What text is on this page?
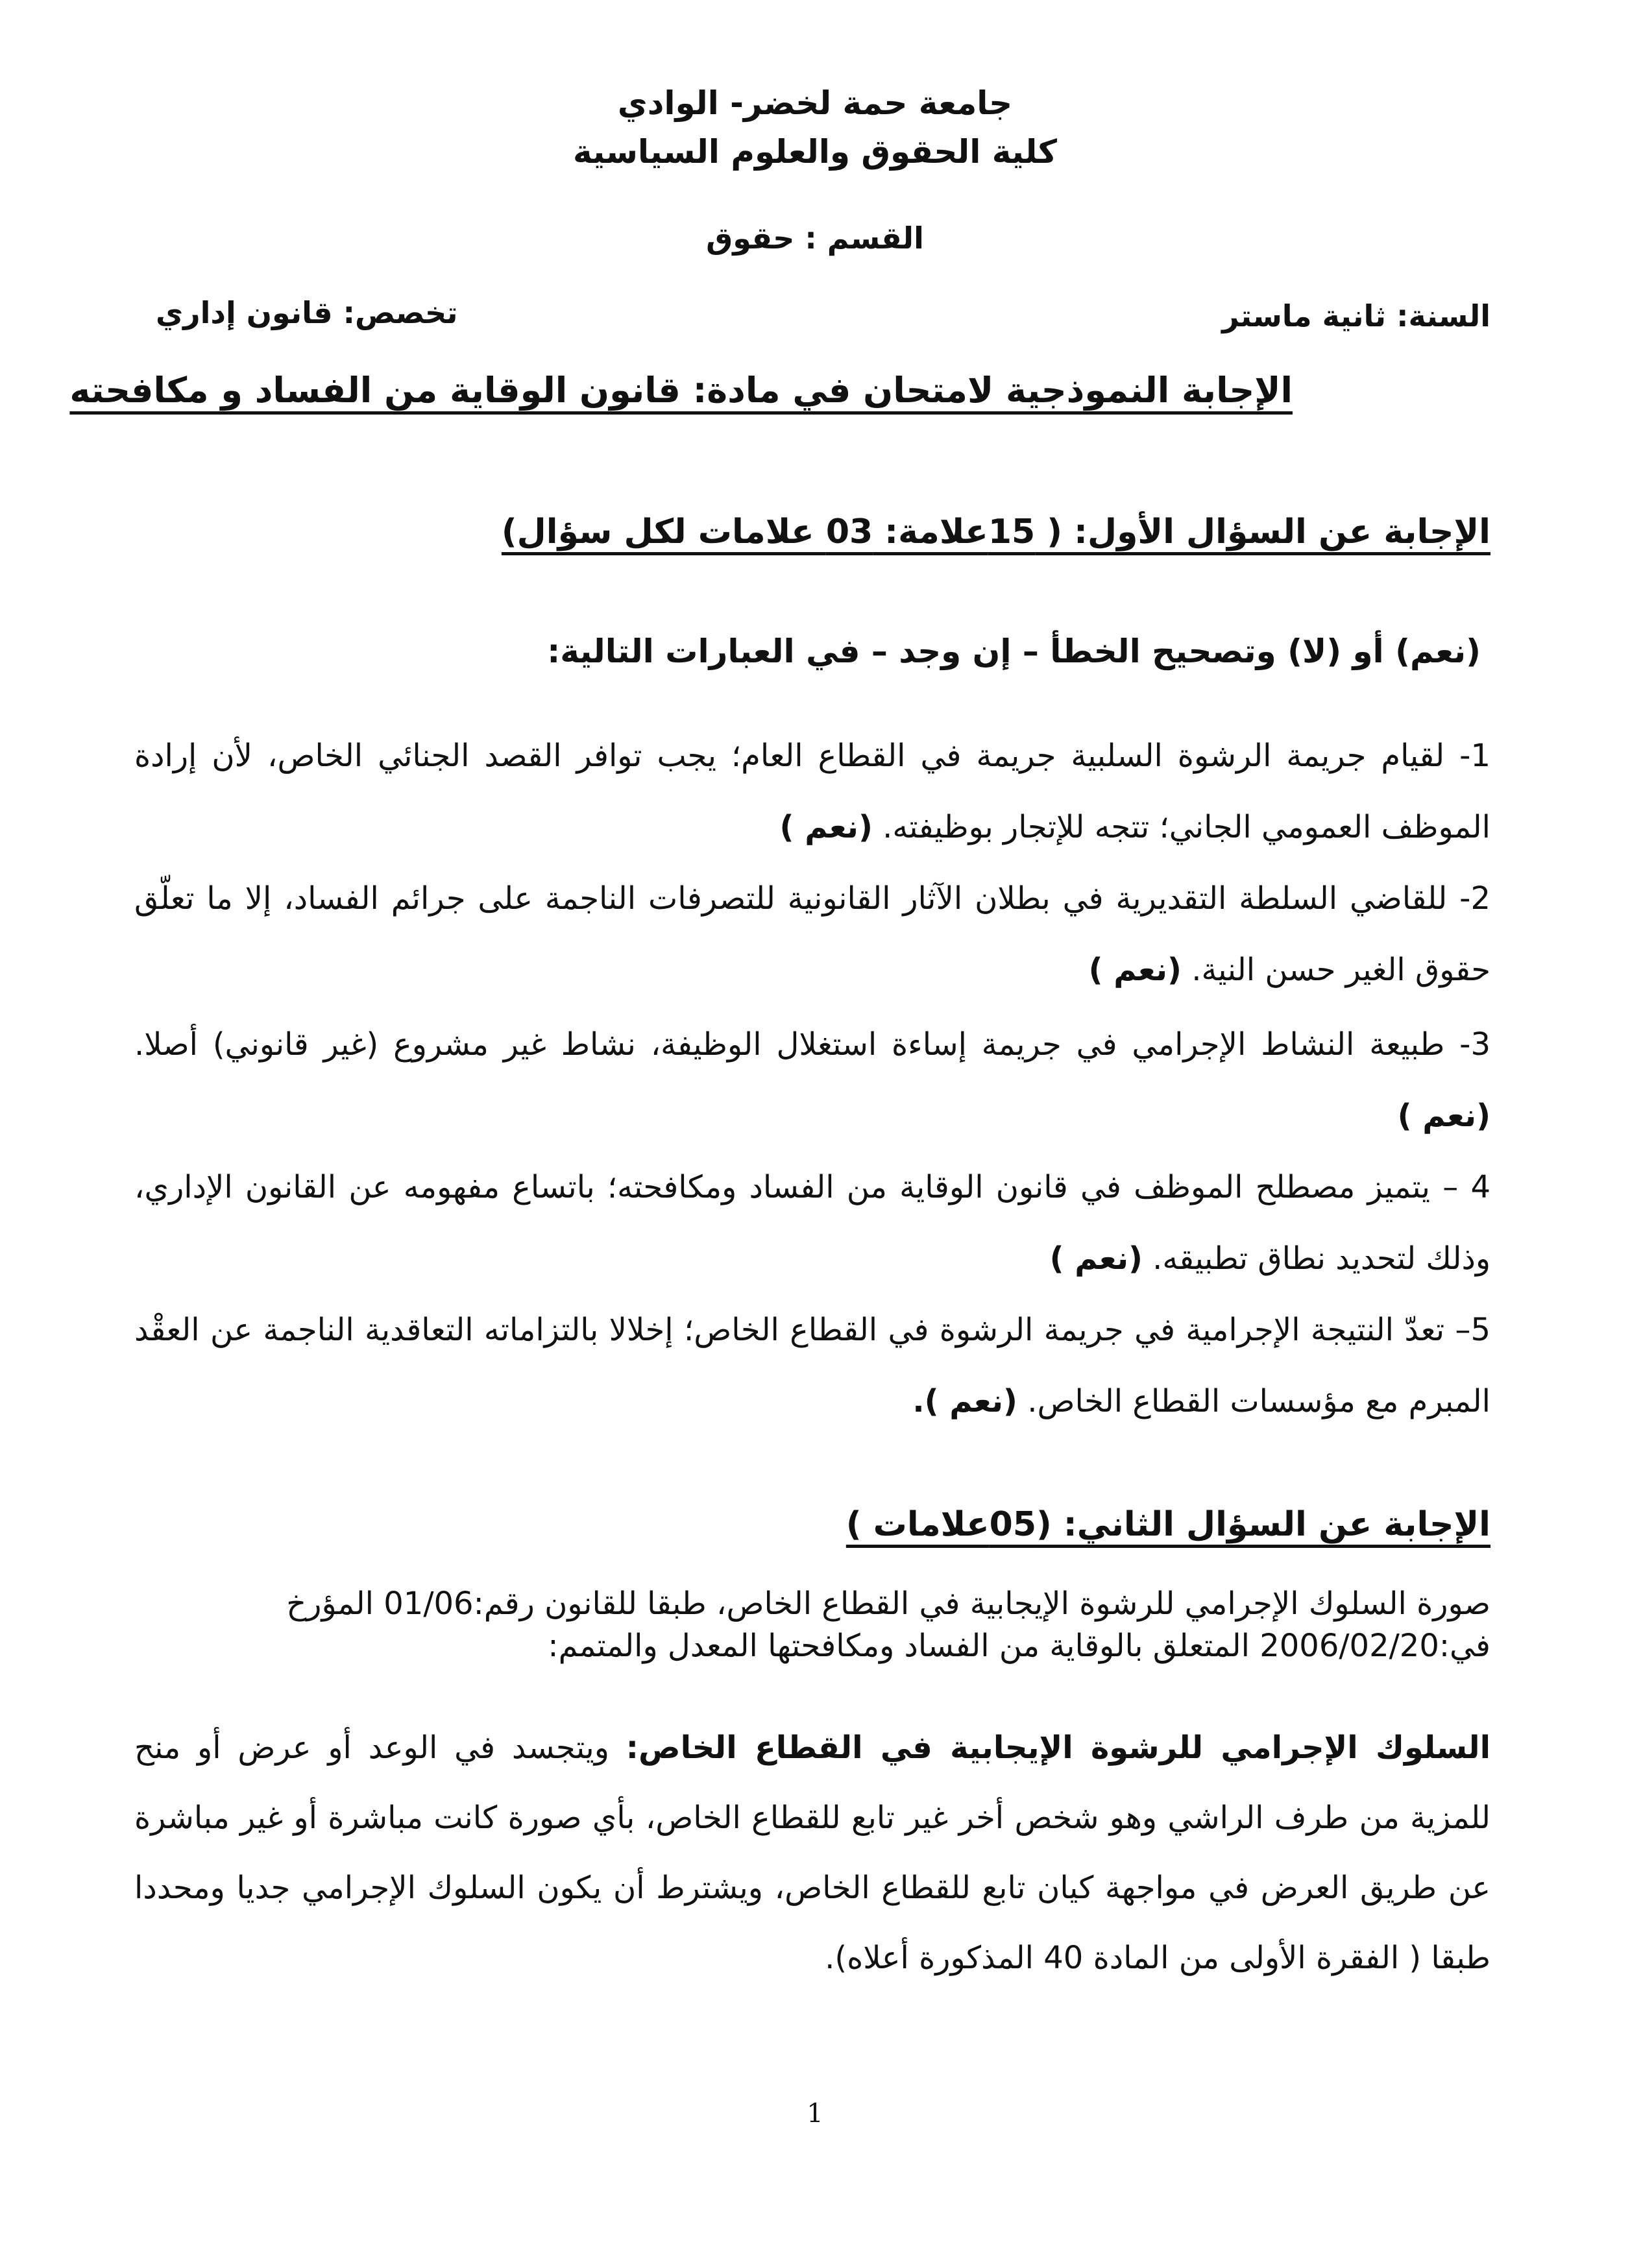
جامعة حمة لخضر- الوادي
كلية الحقوق والعلوم السياسية
القسم : حقوق
السنة: ثانية ماستر
تخصص: قانون إداري
الإجابة النموذجية لامتحان في مادة: قانون الوقاية من الفساد و مكافحته
الإجابة عن السؤال الأول: ( 15علامة: 03 علامات لكل سؤال)
(نعم) أو (لا) وتصحيح الخطأ – إن وجد – في العبارات التالية:
1- لقيام جريمة الرشوة السلبية جريمة في القطاع العام؛ يجب توافر القصد الجنائي الخاص، لأن إرادة الموظف العمومي الجاني؛ تتجه للإتجار بوظيفته. (نعم )
2- للقاضي السلطة التقديرية في بطلان الآثار القانونية للتصرفات الناجمة على جرائم الفساد، إلا ما تعلّق حقوق الغير حسن النية. (نعم )
3- طبيعة النشاط الإجرامي في جريمة إساءة استغلال الوظيفة، نشاط غير مشروع (غير قانوني) أصلا. (نعم )
4 – يتميز مصطلح الموظف في قانون الوقاية من الفساد ومكافحته؛ باتساع مفهومه عن القانون الإداري، وذلك لتحديد نطاق تطبيقه. (نعم )
5– تعدّ النتيجة الإجرامية في جريمة الرشوة في القطاع الخاص؛ إخلالا بالتزاماته التعاقدية الناجمة عن العقْد المبرم مع مؤسسات القطاع الخاص. (نعم ).
الإجابة عن السؤال الثاني: (05علامات )
صورة السلوك الإجرامي للرشوة الإيجابية في القطاع الخاص، طبقا للقانون رقم:01/06 المؤرخ في:2006/02/20 المتعلق بالوقاية من الفساد ومكافحتها المعدل والمتمم:
السلوك الإجرامي للرشوة الإيجابية في القطاع الخاص: ويتجسد في الوعد أو عرض أو منح للمزية من طرف الراشي وهو شخص أخر غير تابع للقطاع الخاص، بأي صورة كانت مباشرة أو غير مباشرة عن طريق العرض في مواجهة كيان تابع للقطاع الخاص، ويشترط أن يكون السلوك الإجرامي جديا ومحددا طبقا ( الفقرة الأولى من المادة 40 المذكورة أعلاه).
1
